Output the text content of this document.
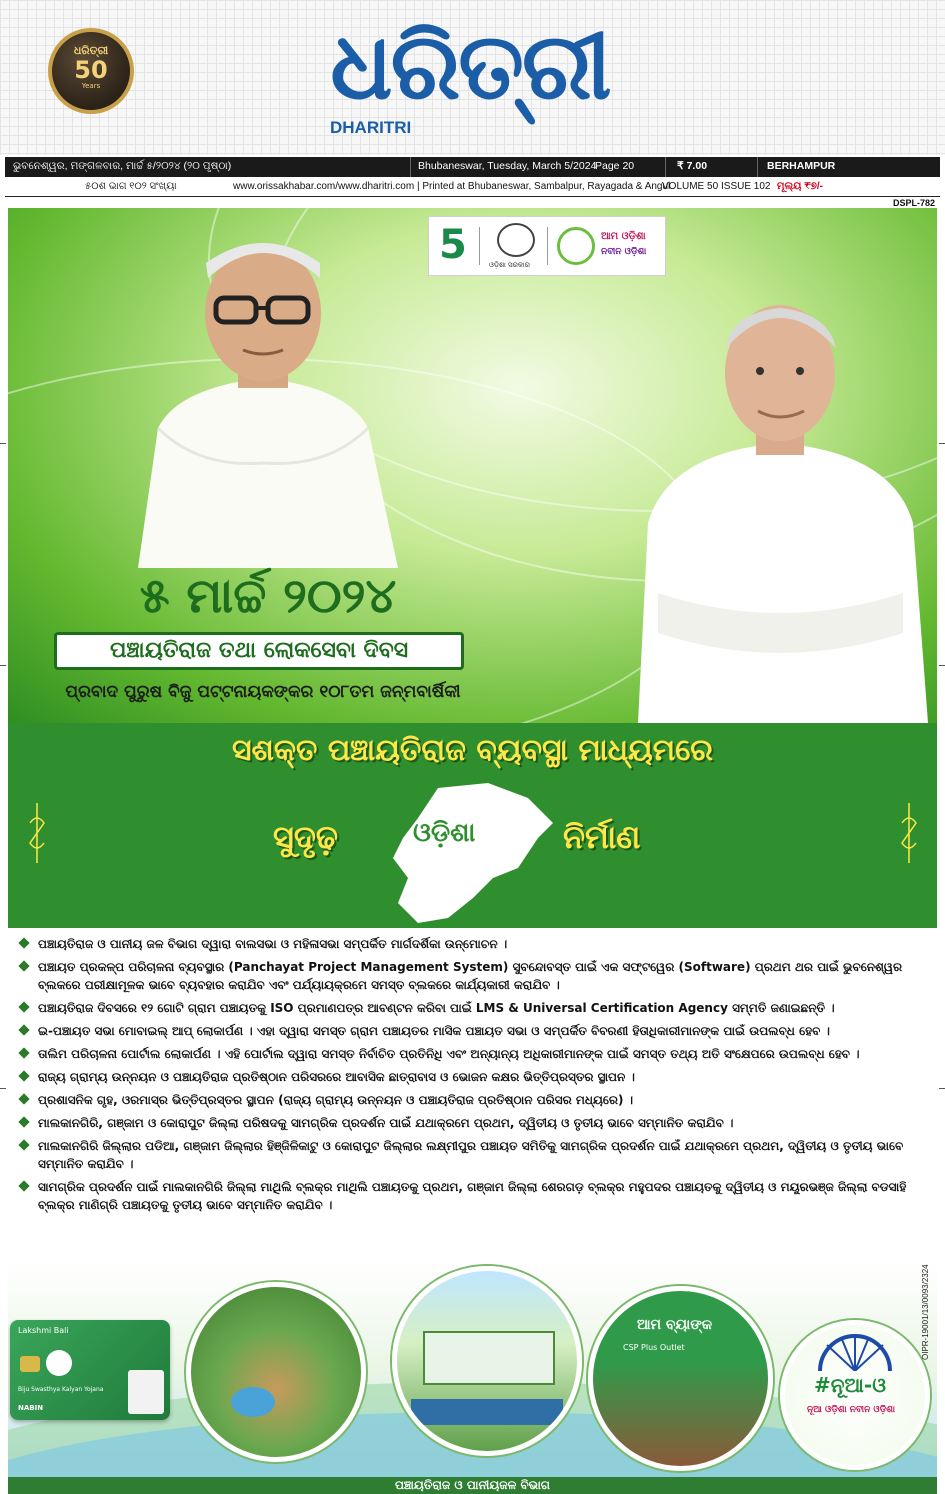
ଧରିତ୍ରୀ
50
Years	ଧରିତ୍ରୀ
DHARITRI
ଭୁବନେଶ୍ୱର, ମଙ୍ଗଳବାର, ମାର୍ଚ୍ଚ ୫/୨୦୨୪ (୨୦ ପୃଷ୍ଠା)	Bhubaneswar, Tuesday, March 5/2024
Page 20	₹ 7.00	BERHAMPUR
୫୦ଶ ଭାଗ ୧୦୨ ସଂଖ୍ୟା	www.orissakhabar.com/www.dharitri.com | Printed at Bhubaneswar, Sambalpur, Rayagada & Angul
VOLUME 50 ISSUE 102 ମୂଲ୍ୟ ₹୭/-
DSPL-782
5	ଓଡ଼ିଶା ସରକାର
ଆମ ଓଡ଼ିଶା
ନବୀନ ଓଡ଼ିଶା
୫ ମାର୍ଚ୍ଚ ୨୦୨୪
ପଞ୍ଚାୟତିରାଜ ତଥା ଲୋକସେବା ଦିବସ
ପ୍ରବାଦ ପୁରୁଷ ବିଜୁ ପଟ୍ଟନାୟକଙ୍କର ୧୦୮ତମ ଜନ୍ମବାର୍ଷିକୀ
ସଶକ୍ତ ପଞ୍ଚାୟତିରାଜ ବ୍ୟବସ୍ଥା ମାଧ୍ୟମରେ
ସୁଦୃଢ଼	ଓଡ଼ିଶା	ନିର୍ମାଣ
ପଞ୍ଚାୟତିରାଜ ଓ ପାନୀୟ ଜଳ ବିଭାଗ ଦ୍ୱାରା ବାଲସଭା ଓ ମହିଳାସଭା ସମ୍ପର୍କିତ ମାର୍ଗଦର୍ଶିକା ଉନ୍ମୋଚନ ।
ପଞ୍ଚାୟତ ପ୍ରକଳ୍ପ ପରିଚାଳନା ବ୍ୟବସ୍ଥାର (Panchayat Project Management System) ସୁବନ୍ଦୋବସ୍ତ ପାଇଁ ଏକ ସଫ୍ଟୱେର (Software) ପ୍ରଥମ ଥର ପାଇଁ ଭୁବନେଶ୍ୱର ବ୍ଲକରେ ପରୀକ୍ଷାମୂଳକ ଭାବେ ବ୍ୟବହାର କରାଯିବ ଏବଂ ପର୍ଯ୍ୟାୟକ୍ରମେ ସମସ୍ତ ବ୍ଲକରେ କାର୍ଯ୍ୟକାରୀ କରାଯିବ ।
ପଞ୍ଚାୟତିରାଜ ଦିବସରେ ୧୨ ଗୋଟି ଗ୍ରାମ ପଞ୍ଚାୟତକୁ ISO ପ୍ରମାଣପତ୍ର ଆବଣ୍ଟନ କରିବା ପାଇଁ LMS & Universal Certification Agency ସମ୍ମତି ଜଣାଇଛନ୍ତି ।
ଇ-ପଞ୍ଚାୟତ ସଭା ମୋବାଇଲ୍ ଆପ୍ ଲୋକାର୍ପଣ । ଏହା ଦ୍ୱାରା ସମସ୍ତ ଗ୍ରାମ ପଞ୍ଚାୟତର ମାସିକ ପଞ୍ଚାୟତ ସଭା ଓ ସମ୍ପର୍କିତ ବିବରଣୀ ହିତାଧିକାରୀମାନଙ୍କ ପାଇଁ ଉପଲବ୍ଧ ହେବ ।
ତାଲିମ ପରିଚାଳନା ପୋର୍ଟାଲ ଲୋକାର୍ପଣ । ଏହି ପୋର୍ଟାଲ ଦ୍ୱାରା ସମସ୍ତ ନିର୍ବାଚିତ ପ୍ରତିନିଧି ଏବଂ ଅନ୍ୟାନ୍ୟ ଅଧିକାରୀମାନଙ୍କ ପାଇଁ ସମସ୍ତ ତଥ୍ୟ ଅତି ସଂକ୍ଷେପରେ ଉପଲବ୍ଧ ହେବ ।
ରାଜ୍ୟ ଗ୍ରାମ୍ୟ ଉନ୍ନୟନ ଓ ପଞ୍ଚାୟତିରାଜ ପ୍ରତିଷ୍ଠାନ ପରିସରରେ ଆବାସିକ ଛାତ୍ରାବାସ ଓ ଭୋଜନ କକ୍ଷର ଭିତ୍ତିପ୍ରସ୍ତର ସ୍ଥାପନ ।
ପ୍ରଶାସନିକ ଗୃହ, ଓରମାସ୍‌ର ଭିତ୍ତିପ୍ରସ୍ତର ସ୍ଥାପନ (ରାଜ୍ୟ ଗ୍ରାମ୍ୟ ଉନ୍ନୟନ ଓ ପଞ୍ଚାୟତିରାଜ ପ୍ରତିଷ୍ଠାନ ପରିସର ମଧ୍ୟରେ) ।
ମାଲକାନଗିରି, ଗଞ୍ଜାମ ଓ କୋରାପୁଟ ଜିଲ୍ଲା ପରିଷଦକୁ ସାମଗ୍ରିକ ପ୍ରଦର୍ଶନ ପାଇଁ ଯଥାକ୍ରମେ ପ୍ରଥମ, ଦ୍ୱିତୀୟ ଓ ତୃତୀୟ ଭାବେ ସମ୍ମାନିତ କରାଯିବ ।
ମାଲକାନଗିରି ଜିଲ୍ଲାର ପଡିଆ, ଗଞ୍ଜାମ ଜିଲ୍ଲାର ହିଞ୍ଜିଳିକାଟୁ ଓ କୋରାପୁଟ ଜିଲ୍ଲାର ଲକ୍ଷ୍ମୀପୁର ପଞ୍ଚାୟତ ସମିତିକୁ ସାମଗ୍ରିକ ପ୍ରଦର୍ଶନ ପାଇଁ ଯଥାକ୍ରମେ ପ୍ରଥମ, ଦ୍ୱିତୀୟ ଓ ତୃତୀୟ ଭାବେ ସମ୍ମାନିତ କରାଯିବ ।
ସାମଗ୍ରିକ ପ୍ରଦର୍ଶନ ପାଇଁ ମାଲକାନଗିରି ଜିଲ୍ଲା ମାଥିଲି ବ୍ଲକ୍‌ର ମାଥିଲି ପଞ୍ଚାୟତକୁ ପ୍ରଥମ, ଗଞ୍ଜାମ ଜିଲ୍ଲା ଶେରଗଡ଼ ବ୍ଲକ୍‌ର ମହୁପଦର ପଞ୍ଚାୟତକୁ ଦ୍ୱିତୀୟ ଓ ମୟୂରଭଞ୍ଜ ଜିଲ୍ଲା ବଡସାହି ବ୍ଲକ୍‌ର ମାଣିଗ୍ରି ପଞ୍ଚାୟତକୁ ତୃତୀୟ ଭାବେ ସମ୍ମାନିତ କରାଯିବ ।
Lakshmi Bali
Biju Swasthya Kalyan Yojana
NABIN
ଆମ ବ୍ୟାଙ୍କ
CSP Plus Outlet
#ନୂଆ-ଓ
ନୂଆ ଓଡ଼ିଶା ନବୀନ ଓଡ଼ିଶା
ପଞ୍ଚାୟତିରାଜ ଓ ପାନୀୟଜଳ ବିଭାଗ
OIPR-19001/13/0093/2324
